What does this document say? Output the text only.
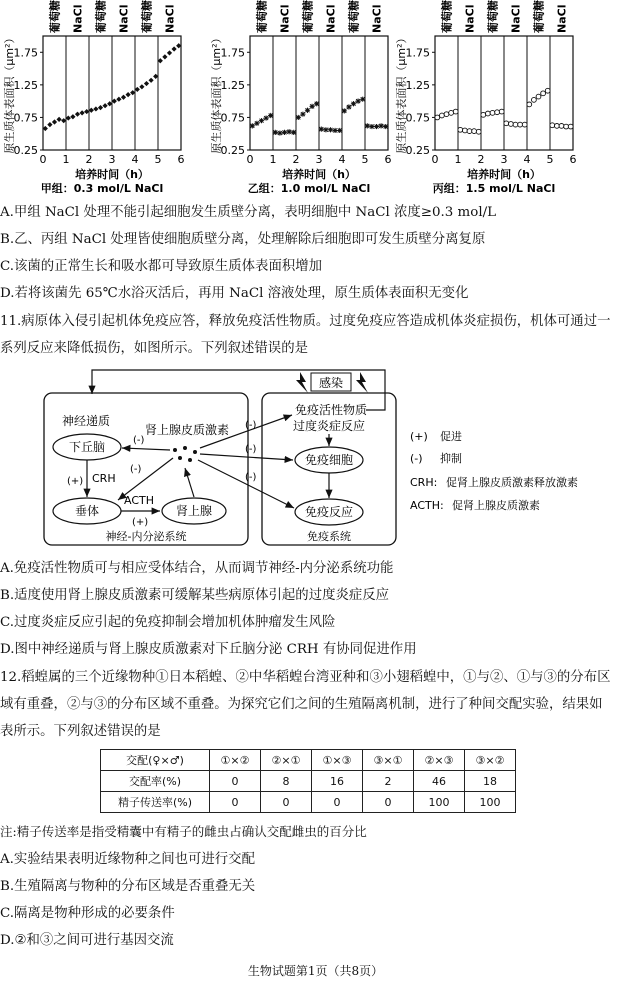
葡萄糖 NaCl 葡萄糖 NaCl 葡萄糖 NaCl
1.75
1.25
0.75
0.25
0 1 2 3 4 5 6
原生质体表面积（μm²）
培养时间（h）
甲组：0.3 mol/L NaCl
葡萄糖 NaCl 葡萄糖 NaCl 葡萄糖 NaCl
1.75
1.25
0.75
0.25
0 1 2 3 4 5 6
原生质体表面积（μm²）
培养时间（h）
乙组：1.0 mol/L NaCl
葡萄糖 NaCl 葡萄糖 NaCl 葡萄糖 NaCl
1.75
1.25
0.75
0.25
0 1 2 3 4 5 6
原生质体表面积（μm²）
培养时间（h）
丙组：1.5 mol/L NaCl
A.甲组 NaCl 处理不能引起细胞发生质壁分离，表明细胞中 NaCl 浓度≥0.3 mol/L
B.乙、丙组 NaCl 处理皆使细胞质壁分离，处理解除后细胞即可发生质壁分离复原
C.该菌的正常生长和吸水都可导致原生质体表面积增加
D.若将该菌先 65℃水浴灭活后，再用 NaCl 溶液处理，原生质体表面积无变化
11.病原体入侵引起机体免疫应答，释放免疫活性物质。过度免疫应答造成机体炎症损伤，机体可通过一
系列反应来降低损伤，如图所示。下列叙述错误的是
感染
神经递质
肾上腺皮质激素
下丘脑
垂体	肾上腺
(+) CRH
ACTH
(+)
(-)
(-)
神经-内分泌系统
免疫活性物质
过度炎症反应
免疫细胞
免疫反应
(-)
(-)
(-)
免疫系统
(+) 促进
(-) 抑制
CRH: 促肾上腺皮质激素释放激素
ACTH: 促肾上腺皮质激素
A.免疫活性物质可与相应受体结合，从而调节神经-内分泌系统功能
B.适度使用肾上腺皮质激素可缓解某些病原体引起的过度炎症反应
C.过度炎症反应引起的免疫抑制会增加机体肿瘤发生风险
D.图中神经递质与肾上腺皮质激素对下丘脑分泌 CRH 有协同促进作用
12.稻蝗属的三个近缘物种①日本稻蝗、②中华稻蝗台湾亚种和③小翅稻蝗中，①与②、①与③的分布区
域有重叠，②与③的分布区域不重叠。为探究它们之间的生殖隔离机制，进行了种间交配实验，结果如
表所示。下列叙述错误的是
交配(♀×♂)	①×②	②×①	①×③	③×①	②×③	③×②
交配率(%)	0	8	16	2	46	18
精子传送率(%)	0	0	0	0	100	100
注:精子传送率是指受精囊中有精子的雌虫占确认交配雌虫的百分比
A.实验结果表明近缘物种之间也可进行交配
B.生殖隔离与物种的分布区域是否重叠无关
C.隔离是物种形成的必要条件
D.②和③之间可进行基因交流
生物试题第1页（共8页）
